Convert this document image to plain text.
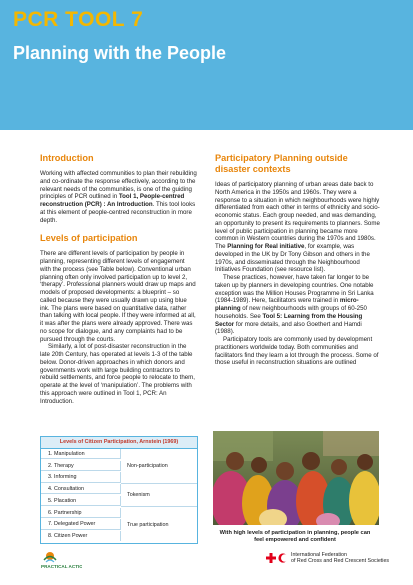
PCR TOOL 7
Planning with the People
Introduction

Working with affected communities to plan their rebuilding and co-ordinate the response effectively, according to the relevant needs of the communities, is one of the guiding principles of PCR outlined in Tool 1, People-centred reconstruction (PCR) : An Introduction. This tool looks at this element of people-centred reconstruction in more depth.

Levels of participation

There are different levels of participation by people in planning, representing different levels of engagement with the process (see Table below). Conventional urban planning often only involved participation up to level 2, ‘therapy’. Professional planners would draw up maps and models of proposed developments: a blueprint – so called because they were usually drawn up using blue ink. The plans were based on quantitative data, rather than talking with local people. If they were informed at all, it was after the plans were already approved. There was no scope for dialogue, and any complaints had to be pursued through the courts.

Similarly, a lot of post-disaster reconstruction in the late 20th Century, has operated at levels 1-3 of the table below. Donor-driven approaches in which donors and governments work with large building contractors to rebuild settlements, and force people to relocate to them, operate at the level of ‘manipulation’. The problems with this approach were outlined in Tool 1, PCR: An Introduction.

Participatory Planning outside disaster contexts

Ideas of participatory planning of urban areas date back to North America in the 1950s and 1960s. They were a response to a situation in which neighbourhoods were highly differentiated from each other in terms of ethnicity and socio-economic status. Each group needed, and was demanding, an opportunity to present its requirements to planners. Some level of public participation in planning became more common in Western countries during the 1970s and 1980s. The Planning for Real initiative, for example, was developed in the UK by Dr Tony Gibson and others in the 1970s, and disseminated through the Neighbourhood Initiatives Foundation (see resource list).

These practices, however, have taken far longer to be taken up by planners in developing countries. One notable exception was the Million Houses Programme in Sri Lanka (1984-1989). Here, facilitators were trained in micro-planning of new neighbourhoods with groups of 60-250 households. See Tool 5: Learning from the Housing Sector for more details, and also Goethert and Hamdi (1988).

Participatory tools are commonly used by development practitioners worldwide today. Both communities and facilitators find they learn a lot through the process. Some of those useful in reconstruction situations are outlined

Levels of Citizen Participation, Arnstein (1969)
1. Manipulation
2. Therapy
3. Informing
4. Consultation
5. Placation
6. Partnership
7. Delegated Power
8. Citizen Power
Non-participation
Tokenism
True participation
With high levels of participation in planning, people can feel empowered and confident
PRACTICAL ACTION
International Federation
of Red Cross and Red Crescent Societies
